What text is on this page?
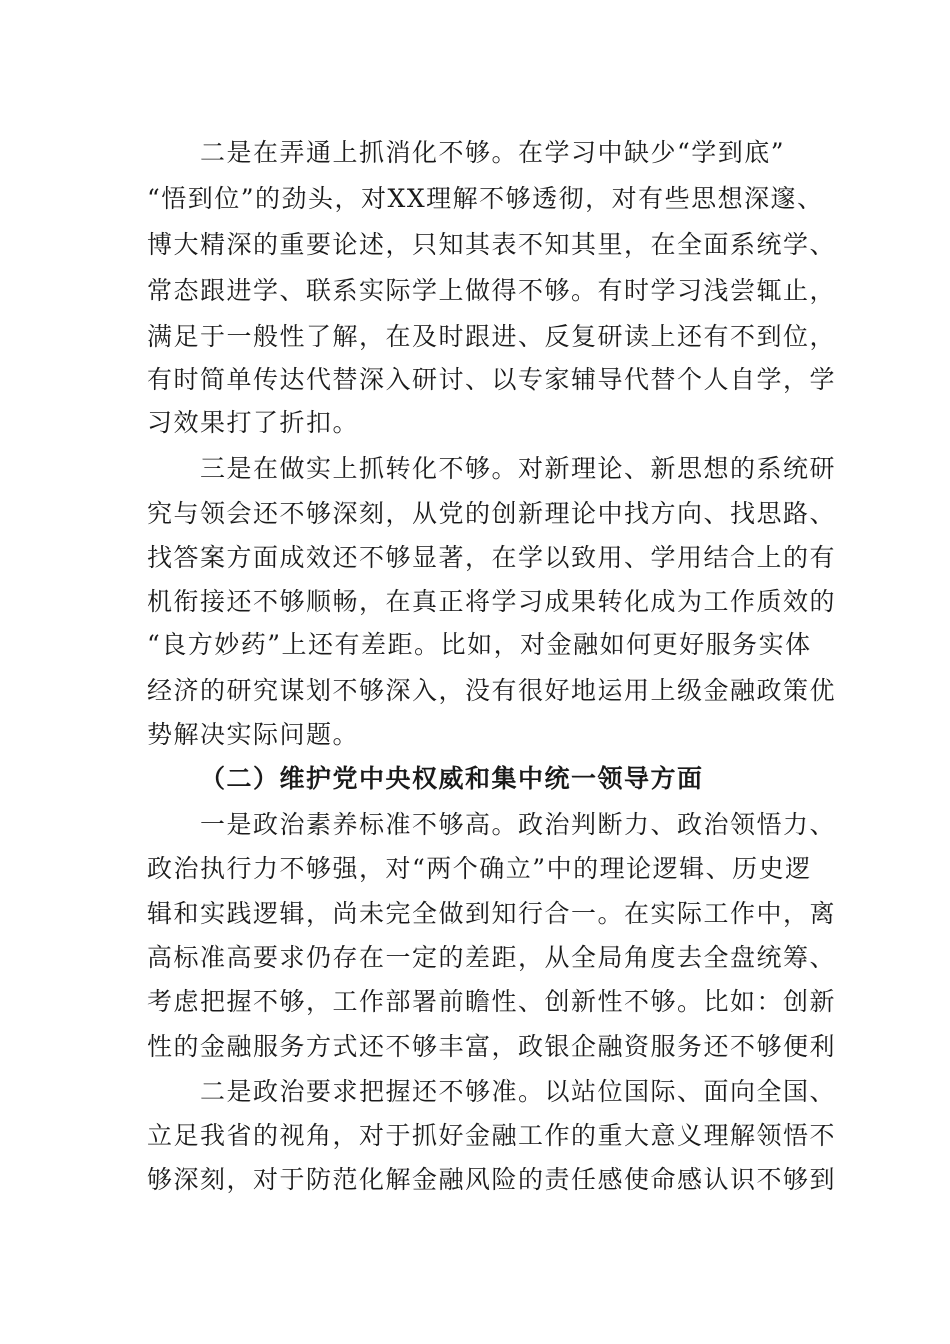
二是在弄通上抓消化不够。在学习中缺少“学到底”
“悟到位”的劲头，对XX理解不够透彻，对有些思想深邃、
博大精深的重要论述，只知其表不知其里，在全面系统学、
常态跟进学、联系实际学上做得不够。有时学习浅尝辄止，
满足于一般性了解，在及时跟进、反复研读上还有不到位，
有时简单传达代替深入研讨、以专家辅导代替个人自学，学
习效果打了折扣。
三是在做实上抓转化不够。对新理论、新思想的系统研
究与领会还不够深刻，从党的创新理论中找方向、找思路、
找答案方面成效还不够显著，在学以致用、学用结合上的有
机衔接还不够顺畅，在真正将学习成果转化成为工作质效的
“良方妙药”上还有差距。比如，对金融如何更好服务实体
经济的研究谋划不够深入，没有很好地运用上级金融政策优
势解决实际问题。
（二）维护党中央权威和集中统一领导方面
一是政治素养标准不够高。政治判断力、政治领悟力、
政治执行力不够强，对“两个确立”中的理论逻辑、历史逻
辑和实践逻辑，尚未完全做到知行合一。在实际工作中，离
高标准高要求仍存在一定的差距，从全局角度去全盘统筹、
考虑把握不够，工作部署前瞻性、创新性不够。比如：创新
性的金融服务方式还不够丰富，政银企融资服务还不够便利
二是政治要求把握还不够准。以站位国际、面向全国、
立足我省的视角，对于抓好金融工作的重大意义理解领悟不
够深刻，对于防范化解金融风险的责任感使命感认识不够到
